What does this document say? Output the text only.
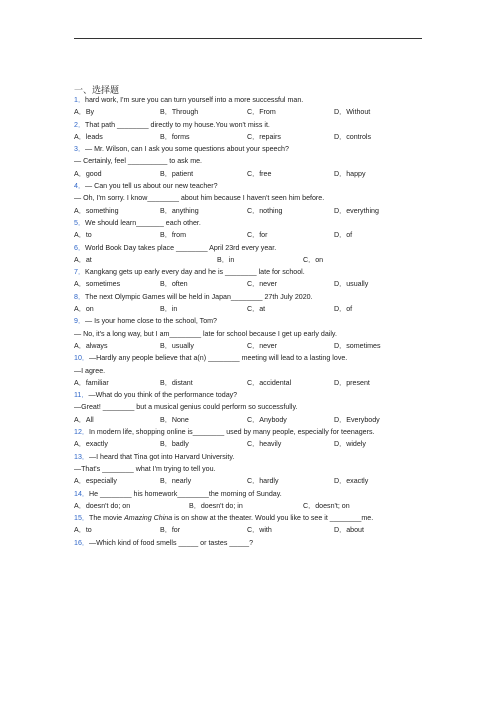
一、选择题
1．hard work, I'm sure you can turn yourself into a more successful man.
A．By	B．Through	C．From	D．Without
2．That path ________ directly to my house.You won't miss it.
A．leads	B．forms	C．repairs	D．controls
3．— Mr. Wilson, can I ask you some questions about your speech?
— Certainly, feel __________ to ask me.
A．good	B．patient	C．free	D．happy
4．— Can you tell us about our new teacher?
— Oh, I'm sorry. I know________ about him because I haven't seen him before.
A．something	B．anything	C．nothing	D．everything
5．We should learn_______ each other.
A．to	B．from	C．for	D．of
6．World Book Day takes place ________ April 23rd every year.
A．at	B．in	C．on
7．Kangkang gets up early every day and he is ________ late for school.
A．sometimes	B．often	C．never	D．usually
8．The next Olympic Games will be held in Japan________ 27th July 2020.
A．on	B．in	C．at	D．of
9．— Is your home close to the school, Tom?
— No, it's a long way, but I am________ late for school because I get up early daily.
A．always	B．usually	C．never	D．sometimes
10．—Hardly any people believe that a(n) ________ meeting will lead to a lasting love.
—I agree.
A．familiar	B．distant	C．accidental	D．present
11．—What do you think of the performance today?
—Great! ________ but a musical genius could perform so successfully.
A．All	B．None	C．Anybody	D．Everybody
12．In modern life, shopping online is________ used by many people, especially for teenagers.
A．exactly	B．badly	C．heavily	D．widely
13．—I heard that Tina got into Harvard University.
—That's ________ what I'm trying to tell you.
A．especially	B．nearly	C．hardly	D．exactly
14．He ________ his homework________the morning of Sunday.
A．doesn't do; on	B．doesn't do; in	C．doesn't; on
15．The movie Amazing China is on show at the theater. Would you like to see it ________me.
A．to	B．for	C．with	D．about
16．—Which kind of food smells _____ or tastes _____?
